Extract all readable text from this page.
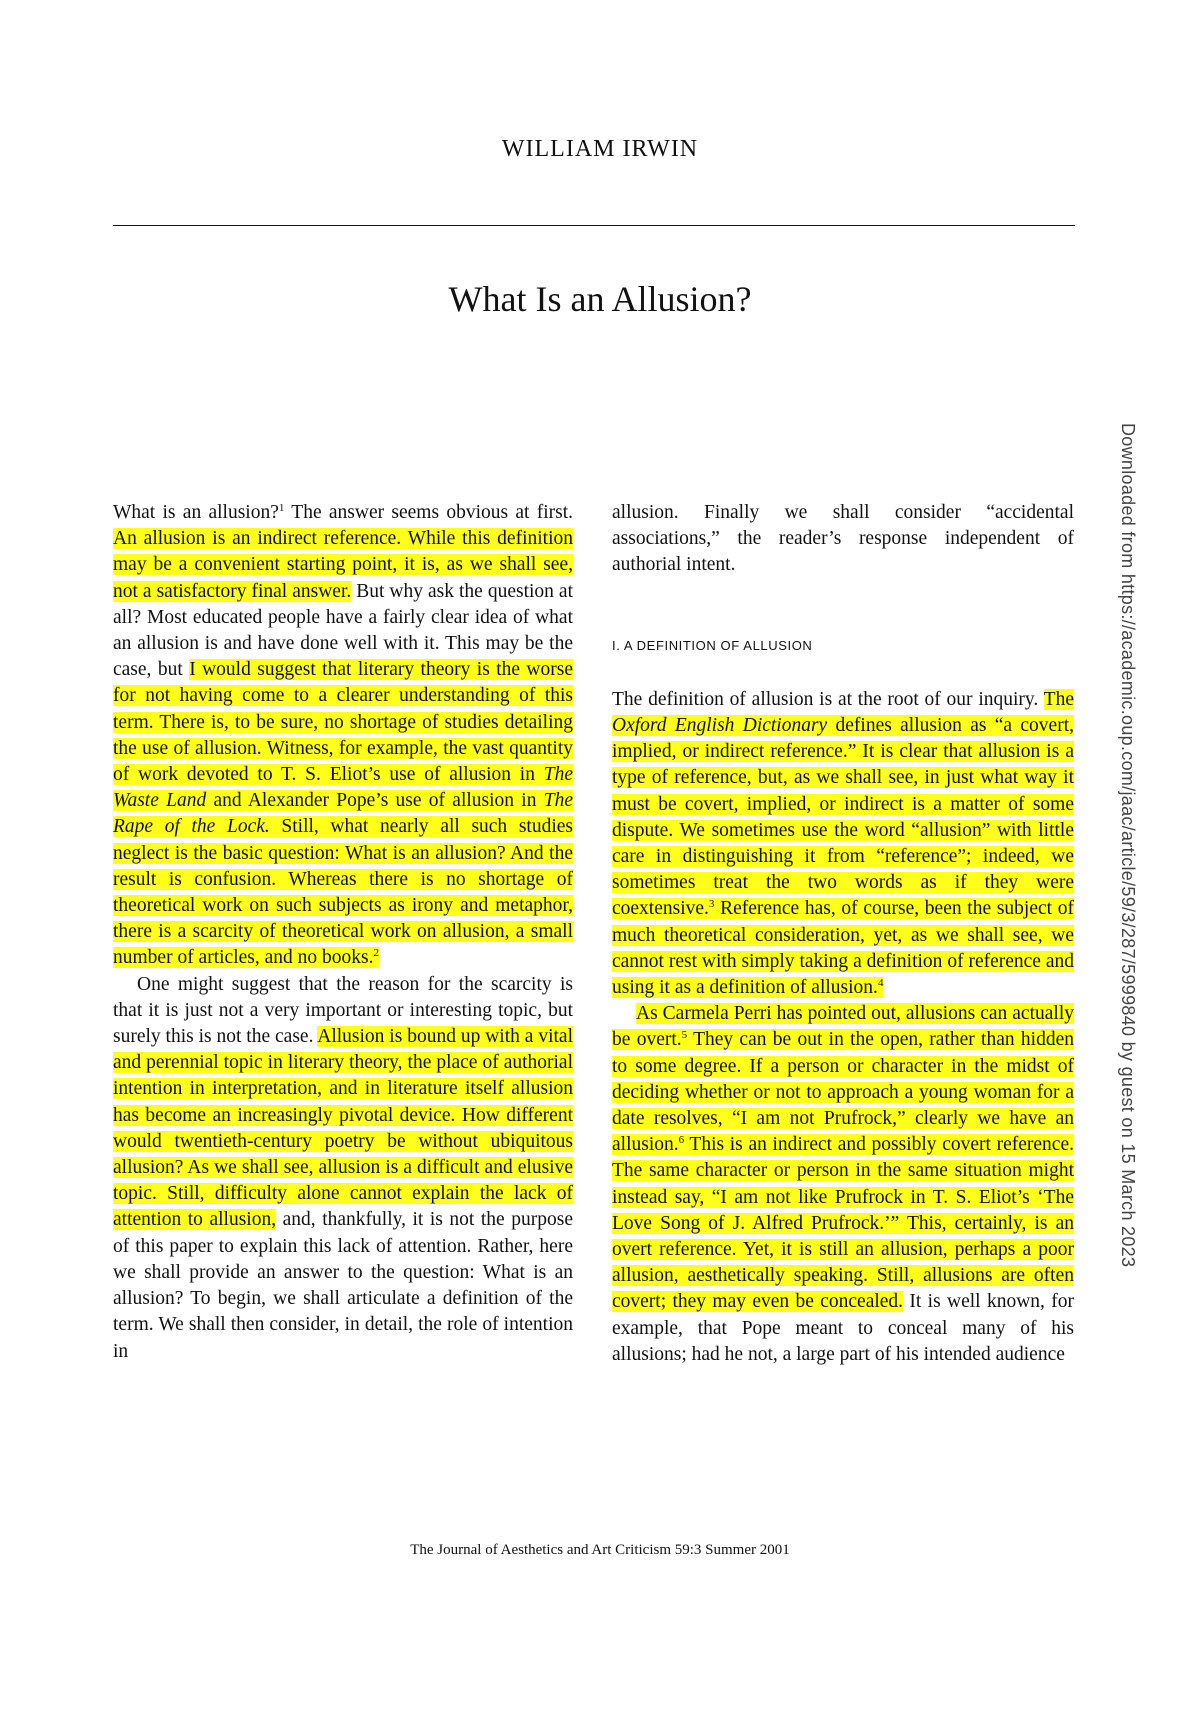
WILLIAM IRWIN
What Is an Allusion?

What is an allusion?$^1$ The answer seems obvious at first. An allusion is an indirect reference. While this definition may be a convenient starting point, it is, as we shall see, not a satisfactory final answer. But why ask the question at all? Most educated people have a fairly clear idea of what an allusion is and have done well with it. This may be the case, but I would suggest that literary theory is the worse for not having come to a clearer understanding of this term. There is, to be sure, no shortage of studies detailing the use of allusion. Witness, for example, the vast quantity of work devoted to T. S. Eliot’s use of allusion in The Waste Land and Alexander Pope’s use of allusion in The Rape of the Lock. Still, what nearly all such studies neglect is the basic question: What is an allusion? And the result is confusion. Whereas there is no shortage of theoretical work on such subjects as irony and metaphor, there is a scarcity of theoretical work on allusion, a small number of articles, and no books.$^2$

One might suggest that the reason for the scarcity is that it is just not a very important or interesting topic, but surely this is not the case. Allusion is bound up with a vital and perennial topic in literary theory, the place of authorial intention in interpretation, and in literature itself allusion has become an increasingly pivotal device. How different would twentieth-century poetry be without ubiquitous allusion? As we shall see, allusion is a difficult and elusive topic. Still, difficulty alone cannot explain the lack of attention to allusion, and, thankfully, it is not the purpose of this paper to explain this lack of attention. Rather, here we shall provide an answer to the question: What is an allusion? To begin, we shall articulate a definition of the term. We shall then consider, in detail, the role of intention in

allusion. Finally we shall consider “accidental associations,” the reader’s response independent of authorial intent.

I. A DEFINITION OF ALLUSION

The definition of allusion is at the root of our inquiry. The Oxford English Dictionary defines allusion as “a covert, implied, or indirect reference.” It is clear that allusion is a type of reference, but, as we shall see, in just what way it must be covert, implied, or indirect is a matter of some dispute. We sometimes use the word “allusion” with little care in distinguishing it from “reference”; indeed, we sometimes treat the two words as if they were coextensive.$^3$ Reference has, of course, been the subject of much theoretical consideration, yet, as we shall see, we cannot rest with simply taking a definition of reference and using it as a definition of allusion.$^4$

As Carmela Perri has pointed out, allusions can actually be overt.$^5$ They can be out in the open, rather than hidden to some degree. If a person or character in the midst of deciding whether or not to approach a young woman for a date resolves, “I am not Prufrock,” clearly we have an allusion.$^6$ This is an indirect and possibly covert reference. The same character or person in the same situation might instead say, “I am not like Prufrock in T. S. Eliot’s ‘The Love Song of J. Alfred Prufrock.’” This, certainly, is an overt reference. Yet, it is still an allusion, perhaps a poor allusion, aesthetically speaking. Still, allusions are often covert; they may even be concealed. It is well known, for example, that Pope meant to conceal many of his allusions; had he not, a large part of his intended audience

The Journal of Aesthetics and Art Criticism 59:3 Summer 2001
Downloaded from https://academic.oup.com/jaac/article/59/3/287/5999840 by guest on 15 March 2023
